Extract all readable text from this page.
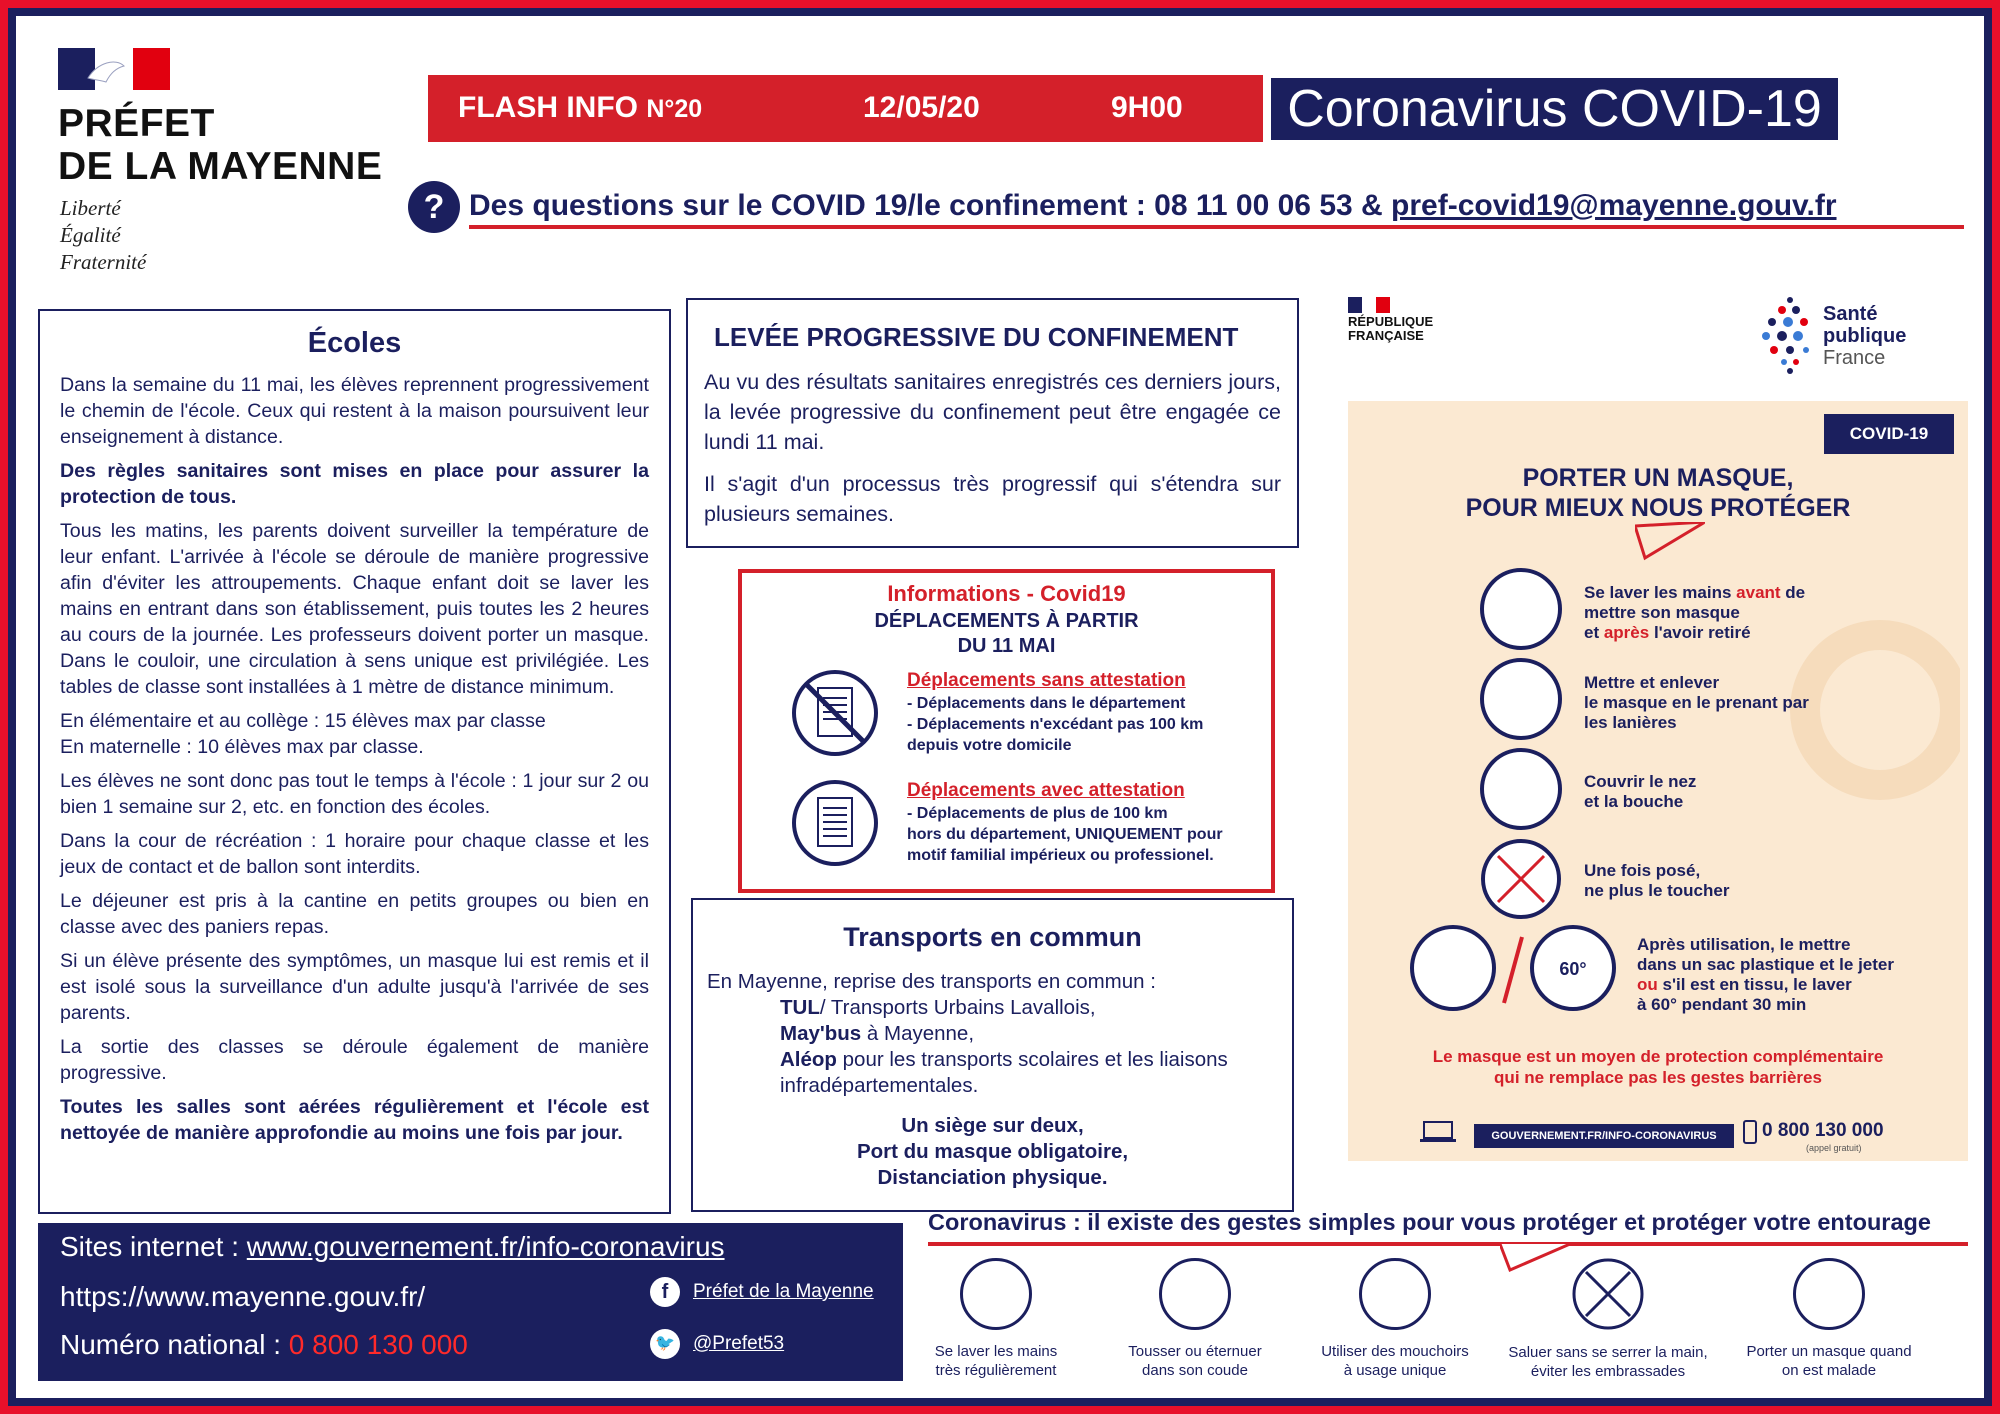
PRÉFET
DE LA MAYENNE
Liberté
Égalité
Fraternité
FLASH INFO N°20	12/05/20	9H00	Coronavirus COVID-19
? Des questions sur le COVID 19/le confinement : 08 11 00 06 53 & pref-covid19@mayenne.gouv.fr
Écoles

Dans la semaine du 11 mai, les élèves reprennent progressivement le chemin de l'école. Ceux qui restent à la maison poursuivent leur enseignement à distance.

Des règles sanitaires sont mises en place pour assurer la protection de tous.

Tous les matins, les parents doivent surveiller la température de leur enfant. L'arrivée à l'école se déroule de manière progressive afin d'éviter les attroupements. Chaque enfant doit se laver les mains en entrant dans son établissement, puis toutes les 2 heures au cours de la journée. Les professeurs doivent porter un masque. Dans le couloir, une circulation à sens unique est privilégiée. Les tables de classe sont installées à 1 mètre de distance minimum.

En élémentaire et au collège : 15 élèves max par classe

En maternelle : 10 élèves max par classe.

Les élèves ne sont donc pas tout le temps à l'école : 1 jour sur 2 ou bien 1 semaine sur 2, etc. en fonction des écoles.

Dans la cour de récréation : 1 horaire pour chaque classe et les jeux de contact et de ballon sont interdits.

Le déjeuner est pris à la cantine en petits groupes ou bien en classe avec des paniers repas.

Si un élève présente des symptômes, un masque lui est remis et il est isolé sous la surveillance d'un adulte jusqu'à l'arrivée de ses parents.

La sortie des classes se déroule également de manière progressive.

Toutes les salles sont aérées régulièrement et l'école est nettoyée de manière approfondie au moins une fois par jour.

LEVÉE PROGRESSIVE DU CONFINEMENT

Au vu des résultats sanitaires enregistrés ces derniers jours, la levée progressive du confinement peut être engagée ce lundi 11 mai.

Il s'agit d'un processus très progressif qui s'étendra sur plusieurs semaines.

Informations - Covid19
DÉPLACEMENTS À PARTIR
DU 11 MAI
Déplacements sans attestation
- Déplacements dans le département
- Déplacements n'excédant pas 100 km
depuis votre domicile
Déplacements avec attestation
- Déplacements de plus de 100 km
hors du département, UNIQUEMENT pour
motif familial impérieux ou professionel.
Transports en commun

En Mayenne, reprise des transports en commun :

TUL/ Transports Urbains Lavallois,

May'bus à Mayenne,

Aléop pour les transports scolaires et les liaisons infradépartementales.

Un siège sur deux,
Port du masque obligatoire,
Distanciation physique.

RÉPUBLIQUE
FRANÇAISE
Santé
publique
France
COVID-19
PORTER UN MASQUE,
POUR MIEUX NOUS PROTÉGER
Se laver les mains avant de
mettre son masque
et après l'avoir retiré
Mettre et enlever
le masque en le prenant par
les lanières
Couvrir le nez
et la bouche
Une fois posé,
ne plus le toucher
60°
Après utilisation, le mettre
dans un sac plastique et le jeter
ou s'il est en tissu, le laver
à 60° pendant 30 min
Le masque est un moyen de protection complémentaire
qui ne remplace pas les gestes barrières
GOUVERNEMENT.FR/INFO-CORONAVIRUS	0 800 130 000
(appel gratuit)
Sites internet : www.gouvernement.fr/info-coronavirus
https://www.mayenne.gouv.fr/
Numéro national : 0 800 130 000
f	Préfet de la Mayenne
🐦 @Prefet53
Coronavirus : il existe des gestes simples pour vous protéger et protéger votre entourage
Se laver les mains
très régulièrement
Tousser ou éternuer
dans son coude
Utiliser des mouchoirs
à usage unique
Saluer sans se serrer la main,
éviter les embrassades
Porter un masque quand
on est malade
